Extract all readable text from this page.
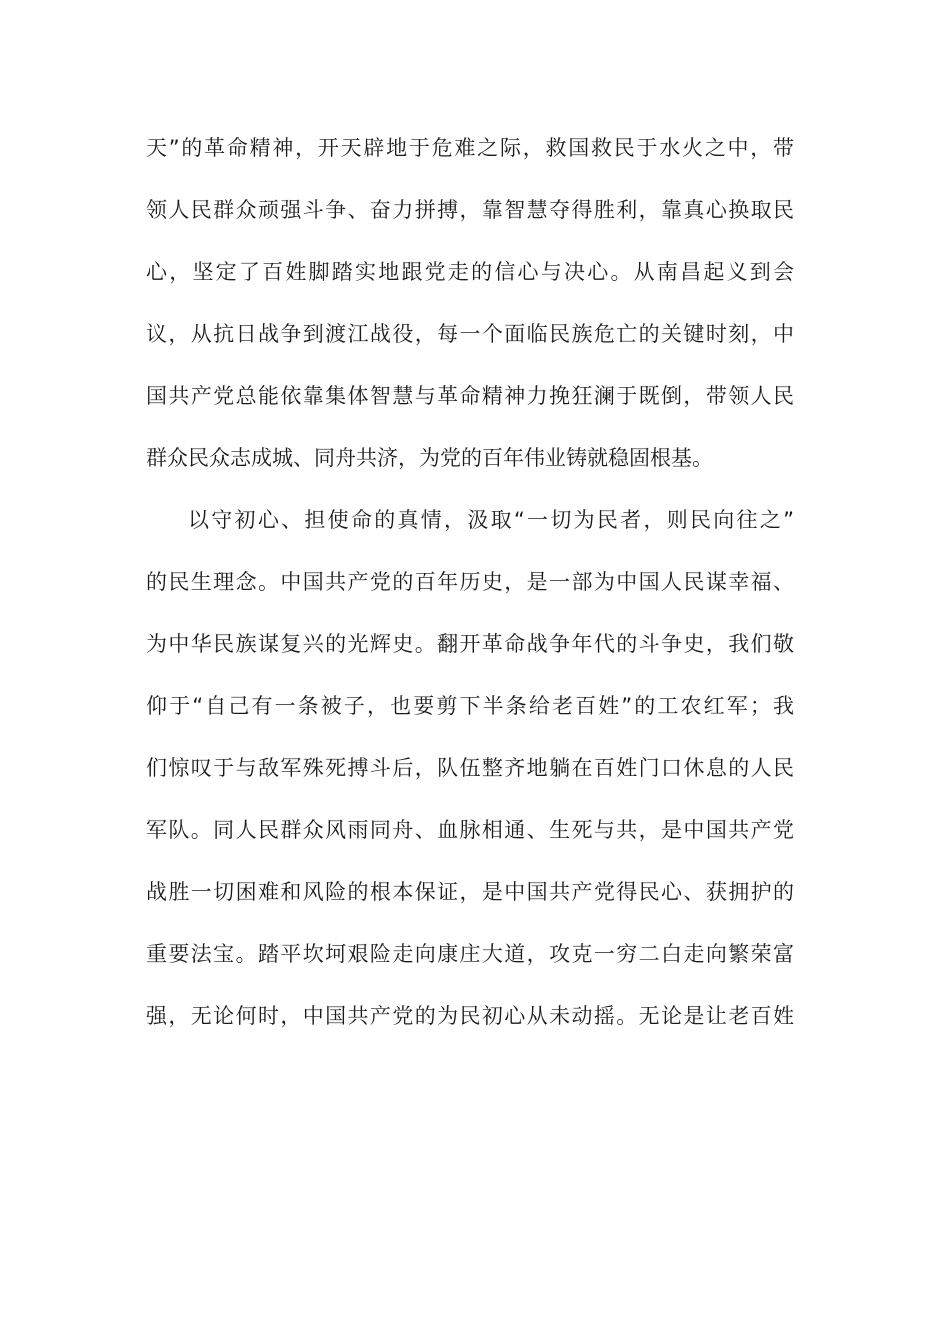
天”的革命精神，开天辟地于危难之际，救国救民于水火之中，带
领人民群众顽强斗争、奋力拼搏，靠智慧夺得胜利，靠真心换取民
心，坚定了百姓脚踏实地跟党走的信心与决心。从南昌起义到会
议，从抗日战争到渡江战役，每一个面临民族危亡的关键时刻，中
国共产党总能依靠集体智慧与革命精神力挽狂澜于既倒，带领人民
群众民众志成城、同舟共济，为党的百年伟业铸就稳固根基。
以守初心、担使命的真情，汲取“一切为民者，则民向往之”
的民生理念。中国共产党的百年历史，是一部为中国人民谋幸福、
为中华民族谋复兴的光辉史。翻开革命战争年代的斗争史，我们敬
仰于“自己有一条被子，也要剪下半条给老百姓”的工农红军；我
们惊叹于与敌军殊死搏斗后，队伍整齐地躺在百姓门口休息的人民
军队。同人民群众风雨同舟、血脉相通、生死与共，是中国共产党
战胜一切困难和风险的根本保证，是中国共产党得民心、获拥护的
重要法宝。踏平坎坷艰险走向康庄大道，攻克一穷二白走向繁荣富
强，无论何时，中国共产党的为民初心从未动摇。无论是让老百姓
